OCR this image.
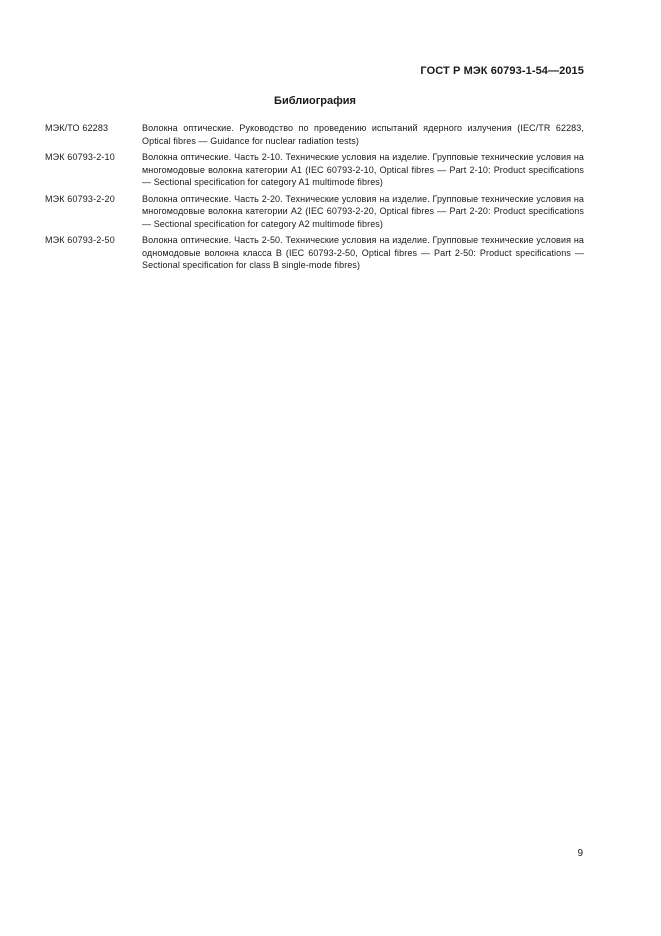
ГОСТ Р МЭК 60793-1-54—2015
Библиография
МЭК/ТО 62283	Волокна оптические. Руководство по проведению испытаний ядерного излучения (IEC/TR 62283, Optical fibres — Guidance for nuclear radiation tests)
МЭК 60793-2-10	Волокна оптические. Часть 2-10. Технические условия на изделие. Групповые технические условия на многомодовые волокна категории А1 (IEC 60793-2-10, Optical fibres — Part 2-10: Product specifications — Sectional specification for category A1 multimode fibres)
МЭК 60793-2-20	Волокна оптические. Часть 2-20. Технические условия на изделие. Групповые технические условия на многомодовые волокна категории А2 (IEC 60793-2-20, Optical fibres — Part 2-20: Product specifications — Sectional specification for category A2 multimode fibres)
МЭК 60793-2-50	Волокна оптические. Часть 2-50. Технические условия на изделие. Групповые технические условия на одномодовые волокна класса В (IEC 60793-2-50, Optical fibres — Part 2-50: Product specifications — Sectional specification for class B single-mode fibres)
9
